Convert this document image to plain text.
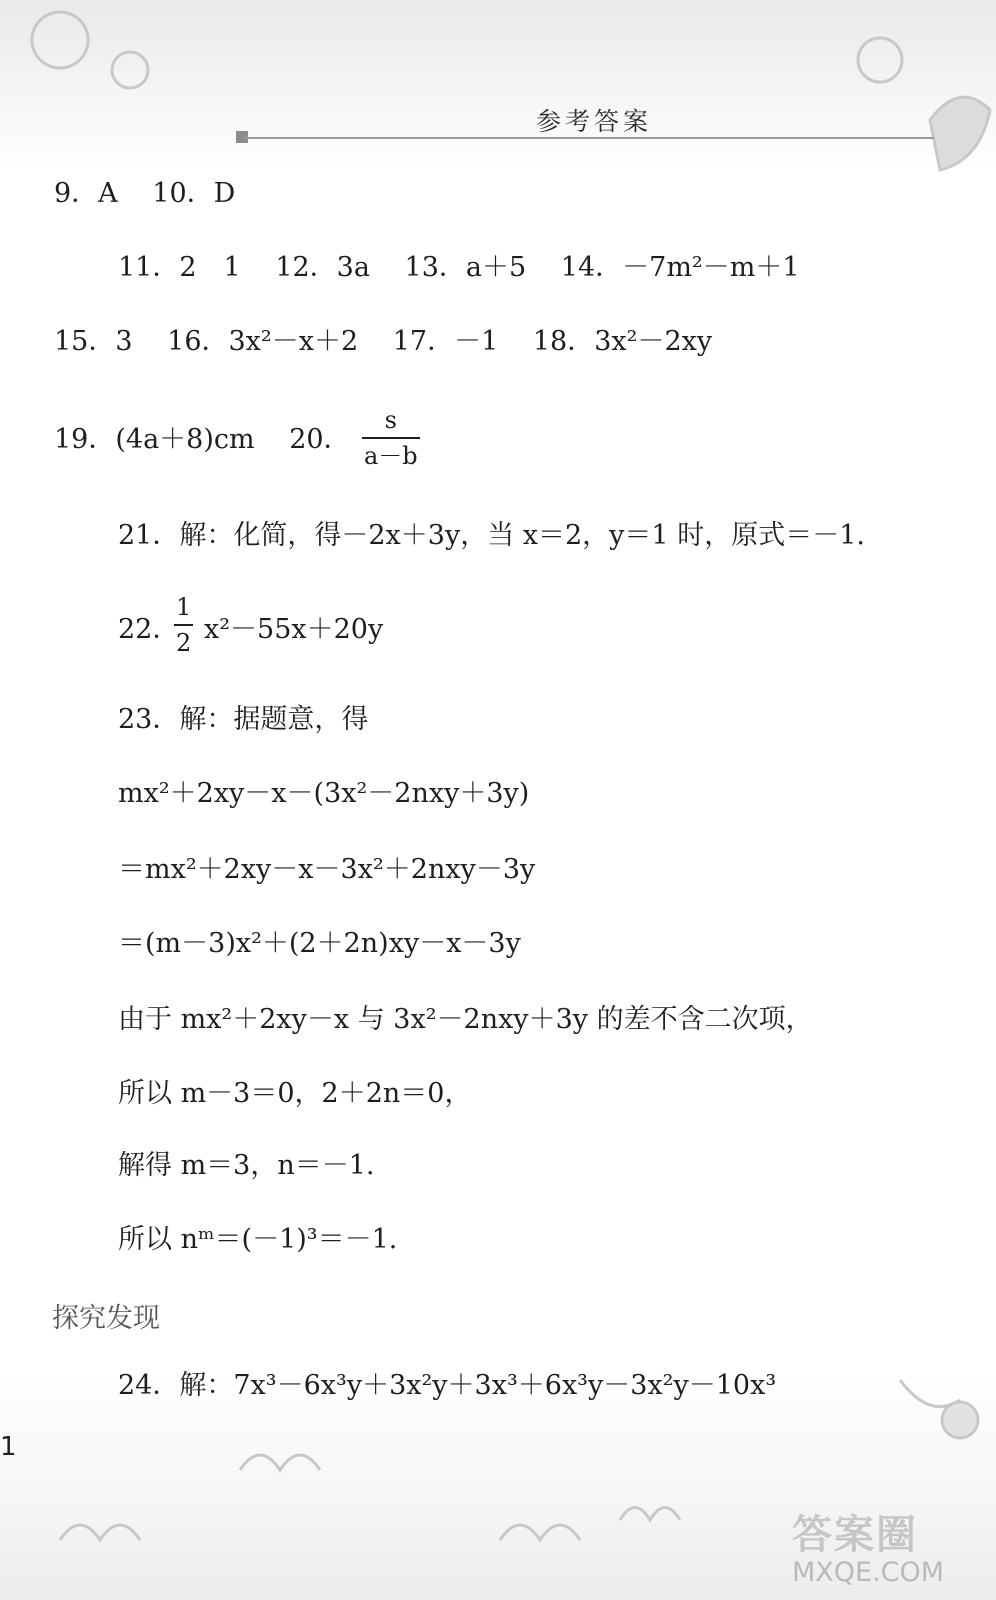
参考答案
9．A 10．D
11．2　1 12．3a 13．a＋5 14．－7m²－m＋1
15．3 16．3x²－x＋2 17．－1 18．3x²－2xy
19．(4a＋8)cm 20．
s
a－b
21．解：化简，得－2x＋3y，当 x＝2，y＝1 时，原式＝－1.
22．
1
2 x²－55x＋20y
23．解：据题意，得
mx²＋2xy－x－(3x²－2nxy＋3y)
＝mx²＋2xy－x－3x²＋2nxy－3y
＝(m－3)x²＋(2＋2n)xy－x－3y
由于 mx²＋2xy－x 与 3x²－2nxy＋3y 的差不含二次项，
所以 m－3＝0，2＋2n＝0，
解得 m＝3，n＝－1.
所以 nᵐ＝(－1)³＝－1.
探究发现
24．解：7x³－6x³y＋3x²y＋3x³＋6x³y－3x²y－10x³
1
答案圈
MXQE.COM
